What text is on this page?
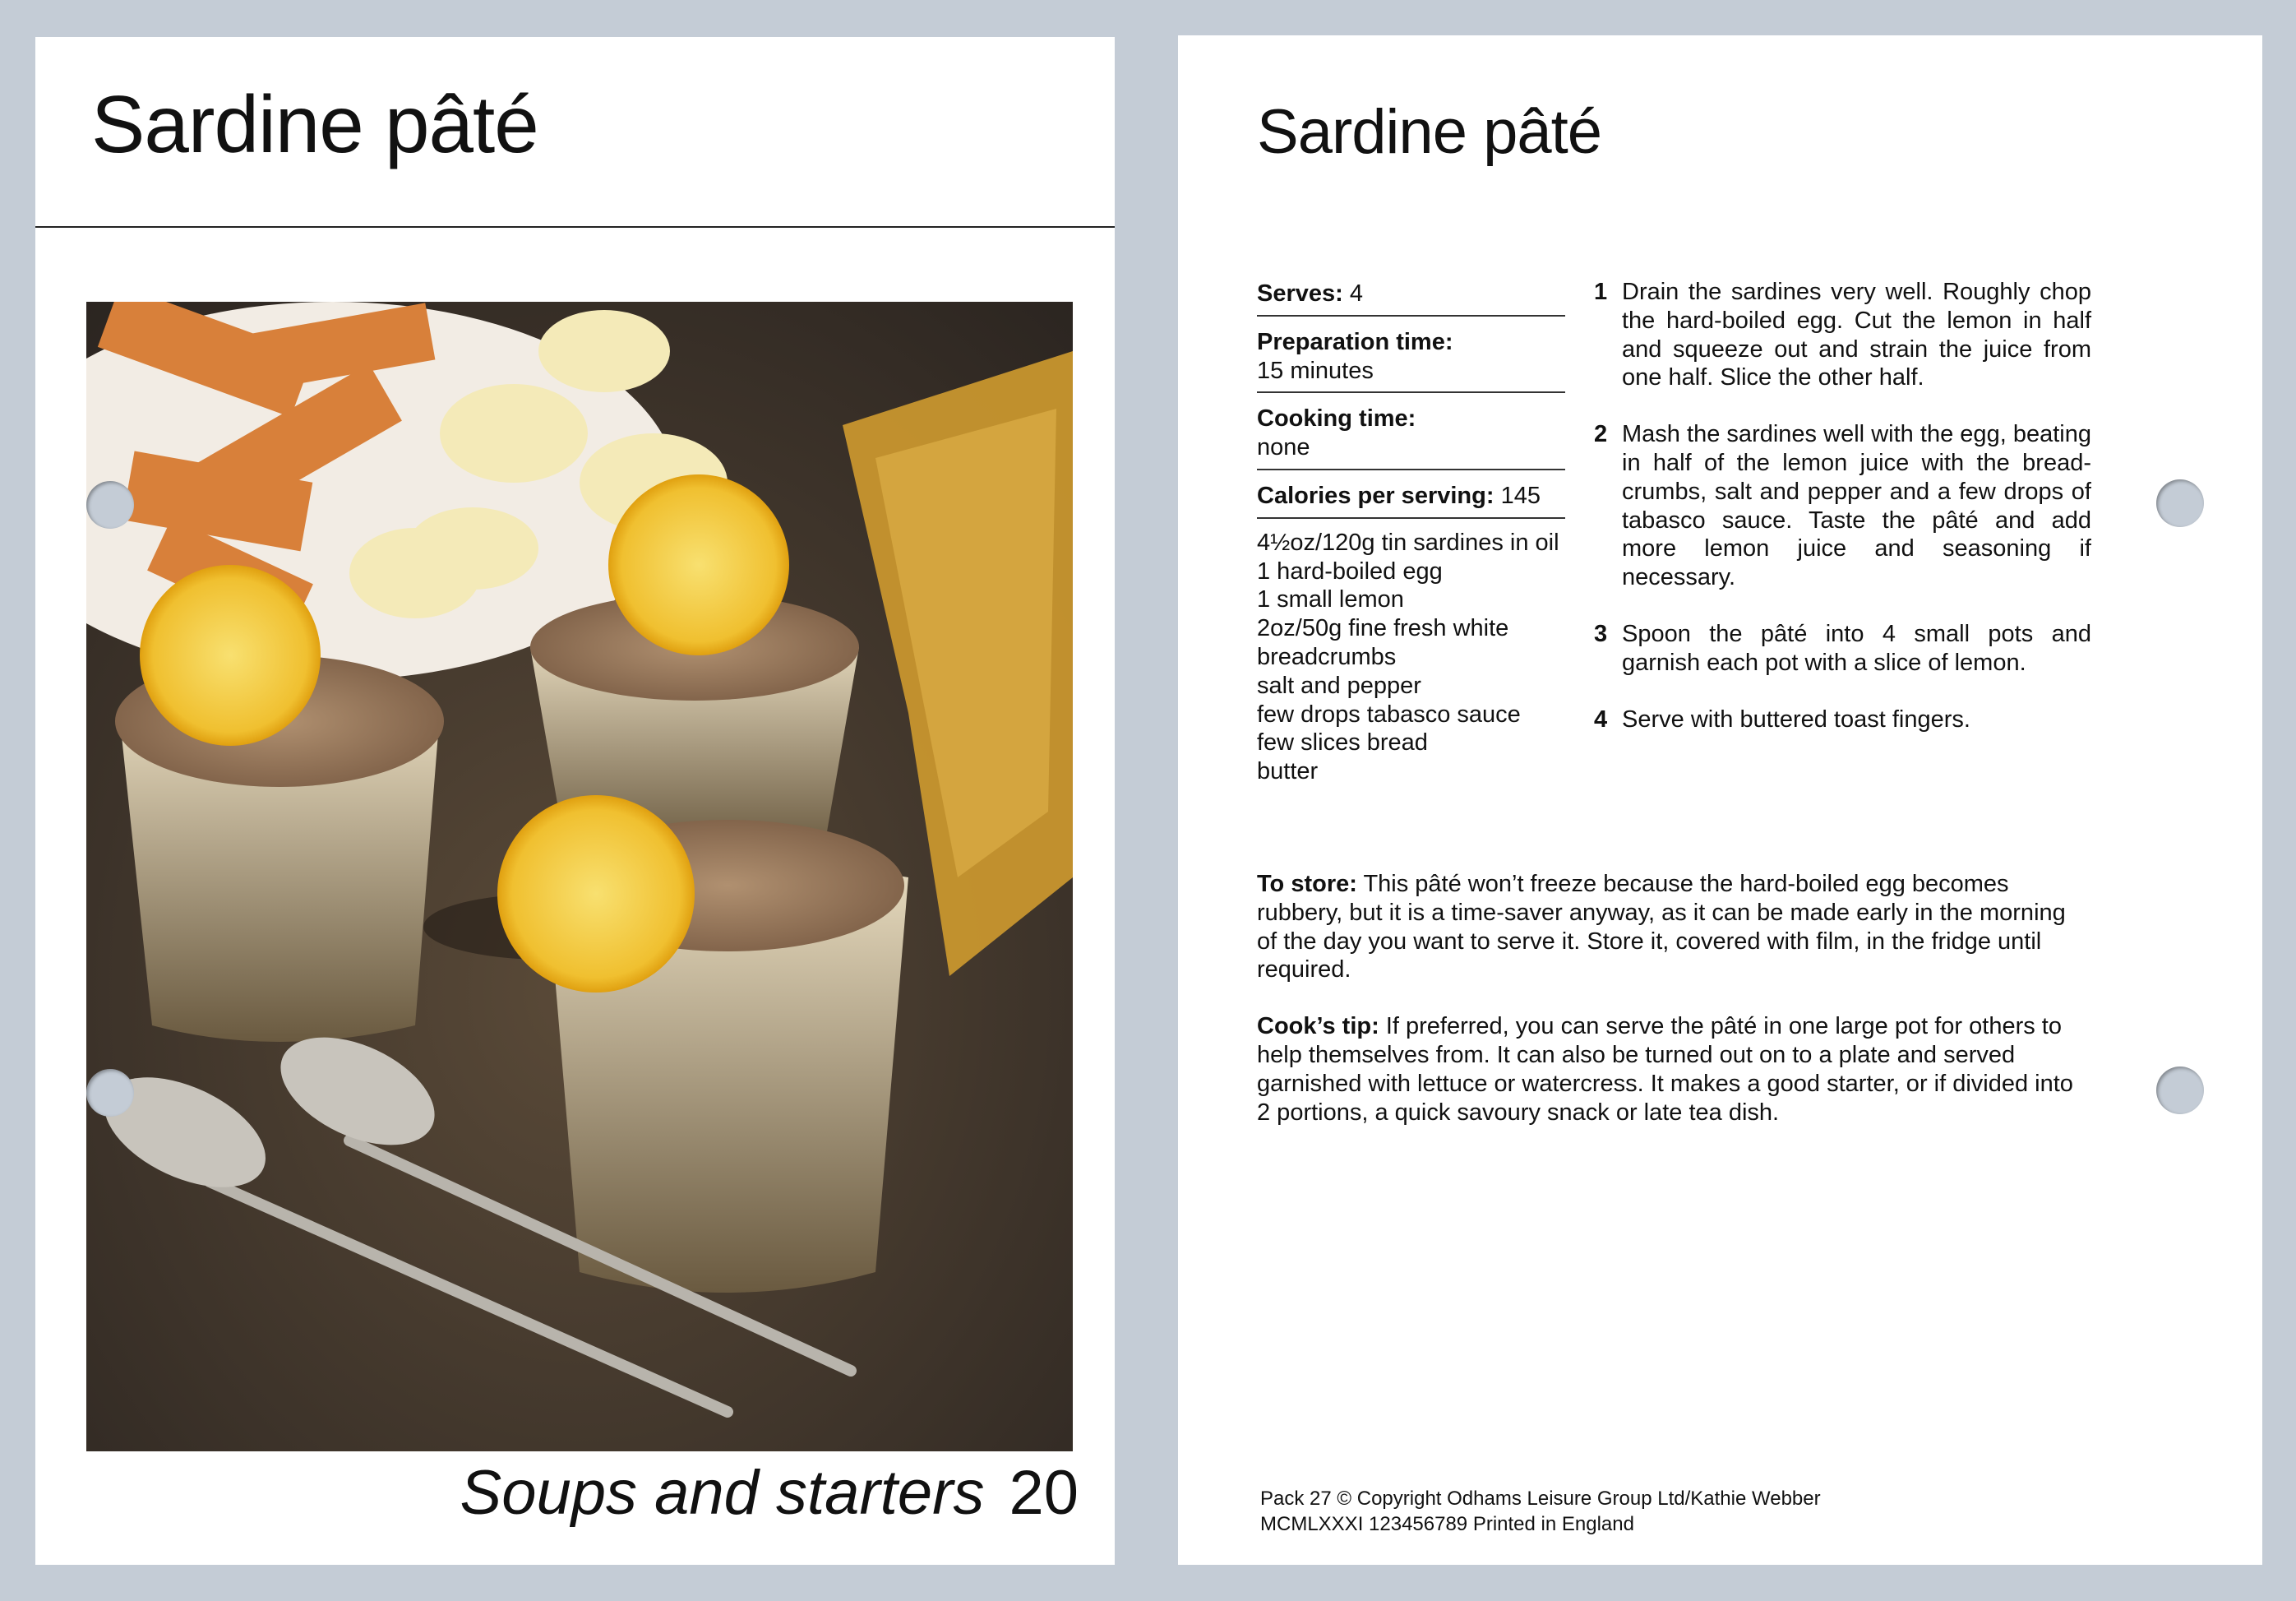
Sardine pâté
Soups and starters 20
Sardine pâté
Serves: 4
Preparation time:
15 minutes
Cooking time:
none
Calories per serving: 145
4½oz/120g tin sardines in oil
1 hard-boiled egg
1 small lemon
2oz/50g fine fresh white breadcrumbs
salt and pepper
few drops tabasco sauce
few slices bread
butter
1 Drain the sardines very well. Roughly chop the hard-boiled egg. Cut the lemon in half and squeeze out and strain the juice from one half. Slice the other half.
2 Mash the sardines well with the egg, beating in half of the lemon juice with the bread-crumbs, salt and pepper and a few drops of tabasco sauce. Taste the pâté and add more lemon juice and seasoning if necessary.
3 Spoon the pâté into 4 small pots and garnish each pot with a slice of lemon.
4 Serve with buttered toast fingers.

To store: This pâté won’t freeze because the hard-boiled egg becomes rubbery, but it is a time-saver anyway, as it can be made early in the morning of the day you want to serve it. Store it, covered with film, in the fridge until required.

Cook’s tip: If preferred, you can serve the pâté in one large pot for others to help themselves from. It can also be turned out on to a plate and served garnished with lettuce or watercress. It makes a good starter, or if divided into 2 portions, a quick savoury snack or late tea dish.

Pack 27 © Copyright Odhams Leisure Group Ltd/Kathie Webber
MCMLXXXI 123456789 Printed in England
